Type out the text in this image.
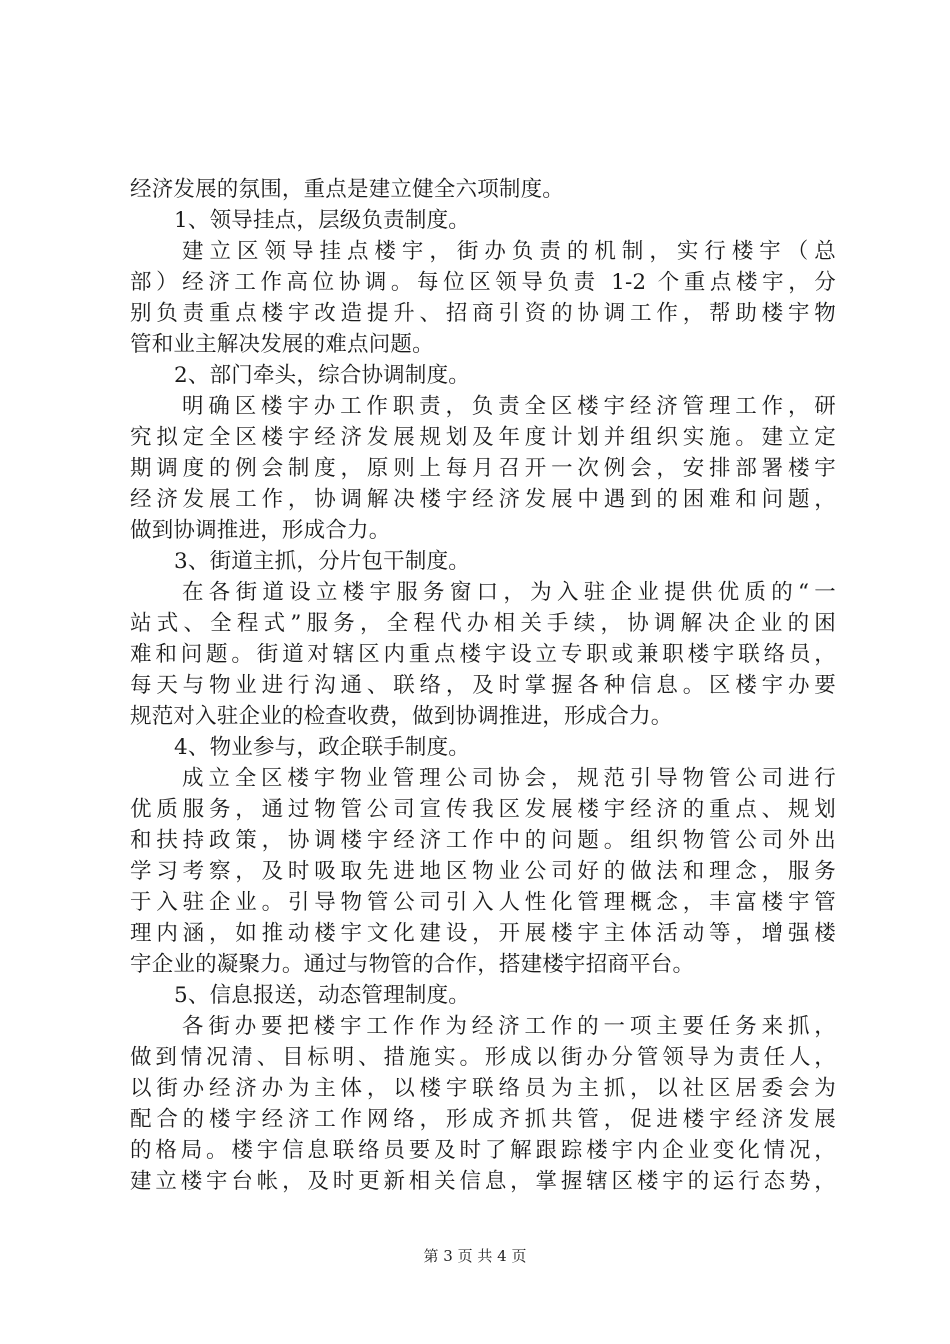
经济发展的氛围，重点是建立健全六项制度。
1、领导挂点，层级负责制度。
建立区领导挂点楼宇，街办负责的机制，实行楼宇（总
部）经济工作高位协调。每位区领导负责 1-2 个重点楼宇，分
别负责重点楼宇改造提升、招商引资的协调工作，帮助楼宇物
管和业主解决发展的难点问题。
2、部门牵头，综合协调制度。
明确区楼宇办工作职责，负责全区楼宇经济管理工作，研
究拟定全区楼宇经济发展规划及年度计划并组织实施。建立定
期调度的例会制度，原则上每月召开一次例会，安排部署楼宇
经济发展工作，协调解决楼宇经济发展中遇到的困难和问题，
做到协调推进，形成合力。
3、街道主抓，分片包干制度。
在各街道设立楼宇服务窗口，为入驻企业提供优质的“一
站式、全程式”服务，全程代办相关手续，协调解决企业的困
难和问题。街道对辖区内重点楼宇设立专职或兼职楼宇联络员，
每天与物业进行沟通、联络，及时掌握各种信息。区楼宇办要
规范对入驻企业的检查收费，做到协调推进，形成合力。
4、物业参与，政企联手制度。
成立全区楼宇物业管理公司协会，规范引导物管公司进行
优质服务，通过物管公司宣传我区发展楼宇经济的重点、规划
和扶持政策，协调楼宇经济工作中的问题。组织物管公司外出
学习考察，及时吸取先进地区物业公司好的做法和理念，服务
于入驻企业。引导物管公司引入人性化管理概念，丰富楼宇管
理内涵，如推动楼宇文化建设，开展楼宇主体活动等，增强楼
宇企业的凝聚力。通过与物管的合作，搭建楼宇招商平台。
5、信息报送，动态管理制度。
各街办要把楼宇工作作为经济工作的一项主要任务来抓，
做到情况清、目标明、措施实。形成以街办分管领导为责任人，
以街办经济办为主体，以楼宇联络员为主抓，以社区居委会为
配合的楼宇经济工作网络，形成齐抓共管，促进楼宇经济发展
的格局。楼宇信息联络员要及时了解跟踪楼宇内企业变化情况，
建立楼宇台帐，及时更新相关信息，掌握辖区楼宇的运行态势，
第 3 页 共 4 页
